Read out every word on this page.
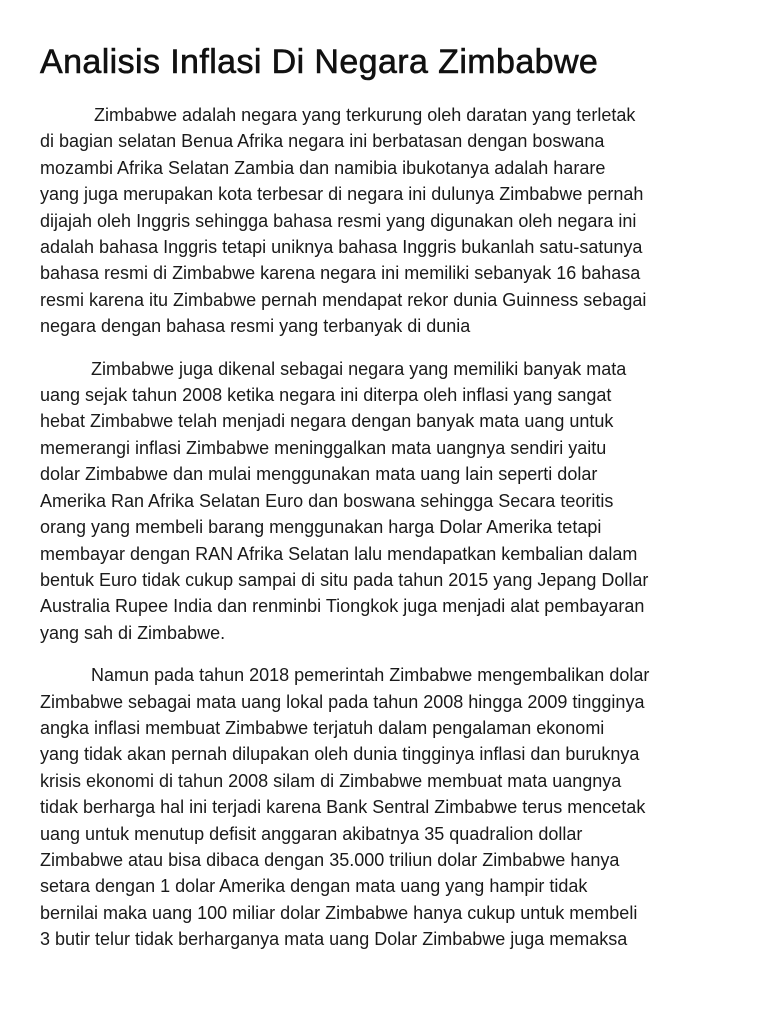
Analisis Inflasi Di Negara Zimbabwe

Zimbabwe adalah negara yang terkurung oleh daratan yang terletak
di bagian selatan Benua Afrika negara ini berbatasan dengan boswana
mozambi Afrika Selatan Zambia dan namibia ibukotanya adalah harare
yang juga merupakan kota terbesar di negara ini dulunya Zimbabwe pernah
dijajah oleh Inggris sehingga bahasa resmi yang digunakan oleh negara ini
adalah bahasa Inggris tetapi uniknya bahasa Inggris bukanlah satu-satunya
bahasa resmi di Zimbabwe karena negara ini memiliki sebanyak 16 bahasa
resmi karena itu Zimbabwe pernah mendapat rekor dunia Guinness sebagai
negara dengan bahasa resmi yang terbanyak di dunia

Zimbabwe juga dikenal sebagai negara yang memiliki banyak mata
uang sejak tahun 2008 ketika negara ini diterpa oleh inflasi yang sangat
hebat Zimbabwe telah menjadi negara dengan banyak mata uang untuk
memerangi inflasi Zimbabwe meninggalkan mata uangnya sendiri yaitu
dolar Zimbabwe dan mulai menggunakan mata uang lain seperti dolar
Amerika Ran Afrika Selatan Euro dan boswana sehingga Secara teoritis
orang yang membeli barang menggunakan harga Dolar Amerika tetapi
membayar dengan RAN Afrika Selatan lalu mendapatkan kembalian dalam
bentuk Euro tidak cukup sampai di situ pada tahun 2015 yang Jepang Dollar
Australia Rupee India dan renminbi Tiongkok juga menjadi alat pembayaran
yang sah di Zimbabwe.

Namun pada tahun 2018 pemerintah Zimbabwe mengembalikan dolar
Zimbabwe sebagai mata uang lokal pada tahun 2008 hingga 2009 tingginya
angka inflasi membuat Zimbabwe terjatuh dalam pengalaman ekonomi
yang tidak akan pernah dilupakan oleh dunia tingginya inflasi dan buruknya
krisis ekonomi di tahun 2008 silam di Zimbabwe membuat mata uangnya
tidak berharga hal ini terjadi karena Bank Sentral Zimbabwe terus mencetak
uang untuk menutup defisit anggaran akibatnya 35 quadralion dollar
Zimbabwe atau bisa dibaca dengan 35.000 triliun dolar Zimbabwe hanya
setara dengan 1 dolar Amerika dengan mata uang yang hampir tidak
bernilai maka uang 100 miliar dolar Zimbabwe hanya cukup untuk membeli
3 butir telur tidak berharganya mata uang Dolar Zimbabwe juga memaksa
